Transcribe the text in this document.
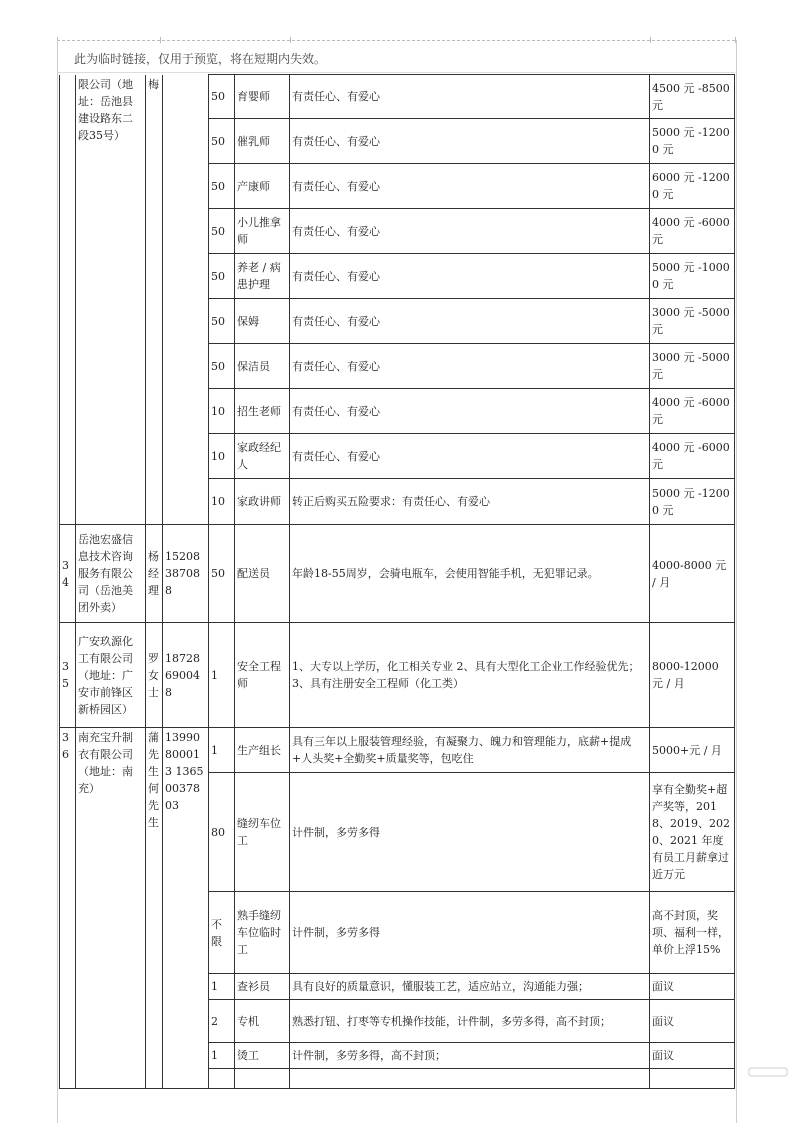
此为临时链接，仅用于预览，将在短期内失效。
	限公司（地址：岳池县建设路东二段35号）	梅		50	育婴师	有责任心、有爱心	4500 元 -8500 元
				50	催乳师	有责任心、有爱心	5000 元 -12000 元
				50	产康师	有责任心、有爱心	6000 元 -12000 元
				50	小儿推拿师	有责任心、有爱心	4000 元 -6000 元
				50	养老 / 病患护理	有责任心、有爱心	5000 元 -10000 元
				50	保姆	有责任心、有爱心	3000 元 -5000 元
				50	保洁员	有责任心、有爱心	3000 元 -5000 元
				10	招生老师	有责任心、有爱心	4000 元 -6000 元
				10	家政经纪人	有责任心、有爱心	4000 元 -6000 元
				10	家政讲师	转正后购买五险要求：有责任心、有爱心	5000 元 -12000 元
34	岳池宏盛信息技术咨询服务有限公司（岳池美团外卖）	杨经理	15208387088	50	配送员	年龄18-55周岁，会骑电瓶车，会使用智能手机，无犯罪记录。	4000-8000 元 / 月
35	广安玖源化工有限公司（地址：广安市前锋区新桥园区）	罗女士	18728690048	1	安全工程师	1、大专以上学历，化工相关专业 2、具有大型化工企业工作经验优先；3、具有注册安全工程师（化工类）	8000-12000 元 / 月
36	南充宝升制衣有限公司（地址：南充）	蒲先生何先生	13990800013 13650037803	1	生产组长	具有三年以上服装管理经验，有凝聚力、魄力和管理能力，底薪+提成+人头奖+全勤奖+质量奖等，包吃住	5000+元 / 月
				80	缝纫车位工	计件制，多劳多得	享有全勤奖+超产奖等，2018、2019、2020、2021 年度有员工月薪拿过近万元
				不限	熟手缝纫车位临时工	计件制，多劳多得	高不封顶，奖项、福利一样，单价上浮15%
				1	查衫员	具有良好的质量意识，懂服装工艺，适应站立，沟通能力强；	面议
				2	专机	熟悉打钮、打枣等专机操作技能，计件制，多劳多得，高不封顶；	面议
				1	烫工	计件制，多劳多得，高不封顶；	面议
